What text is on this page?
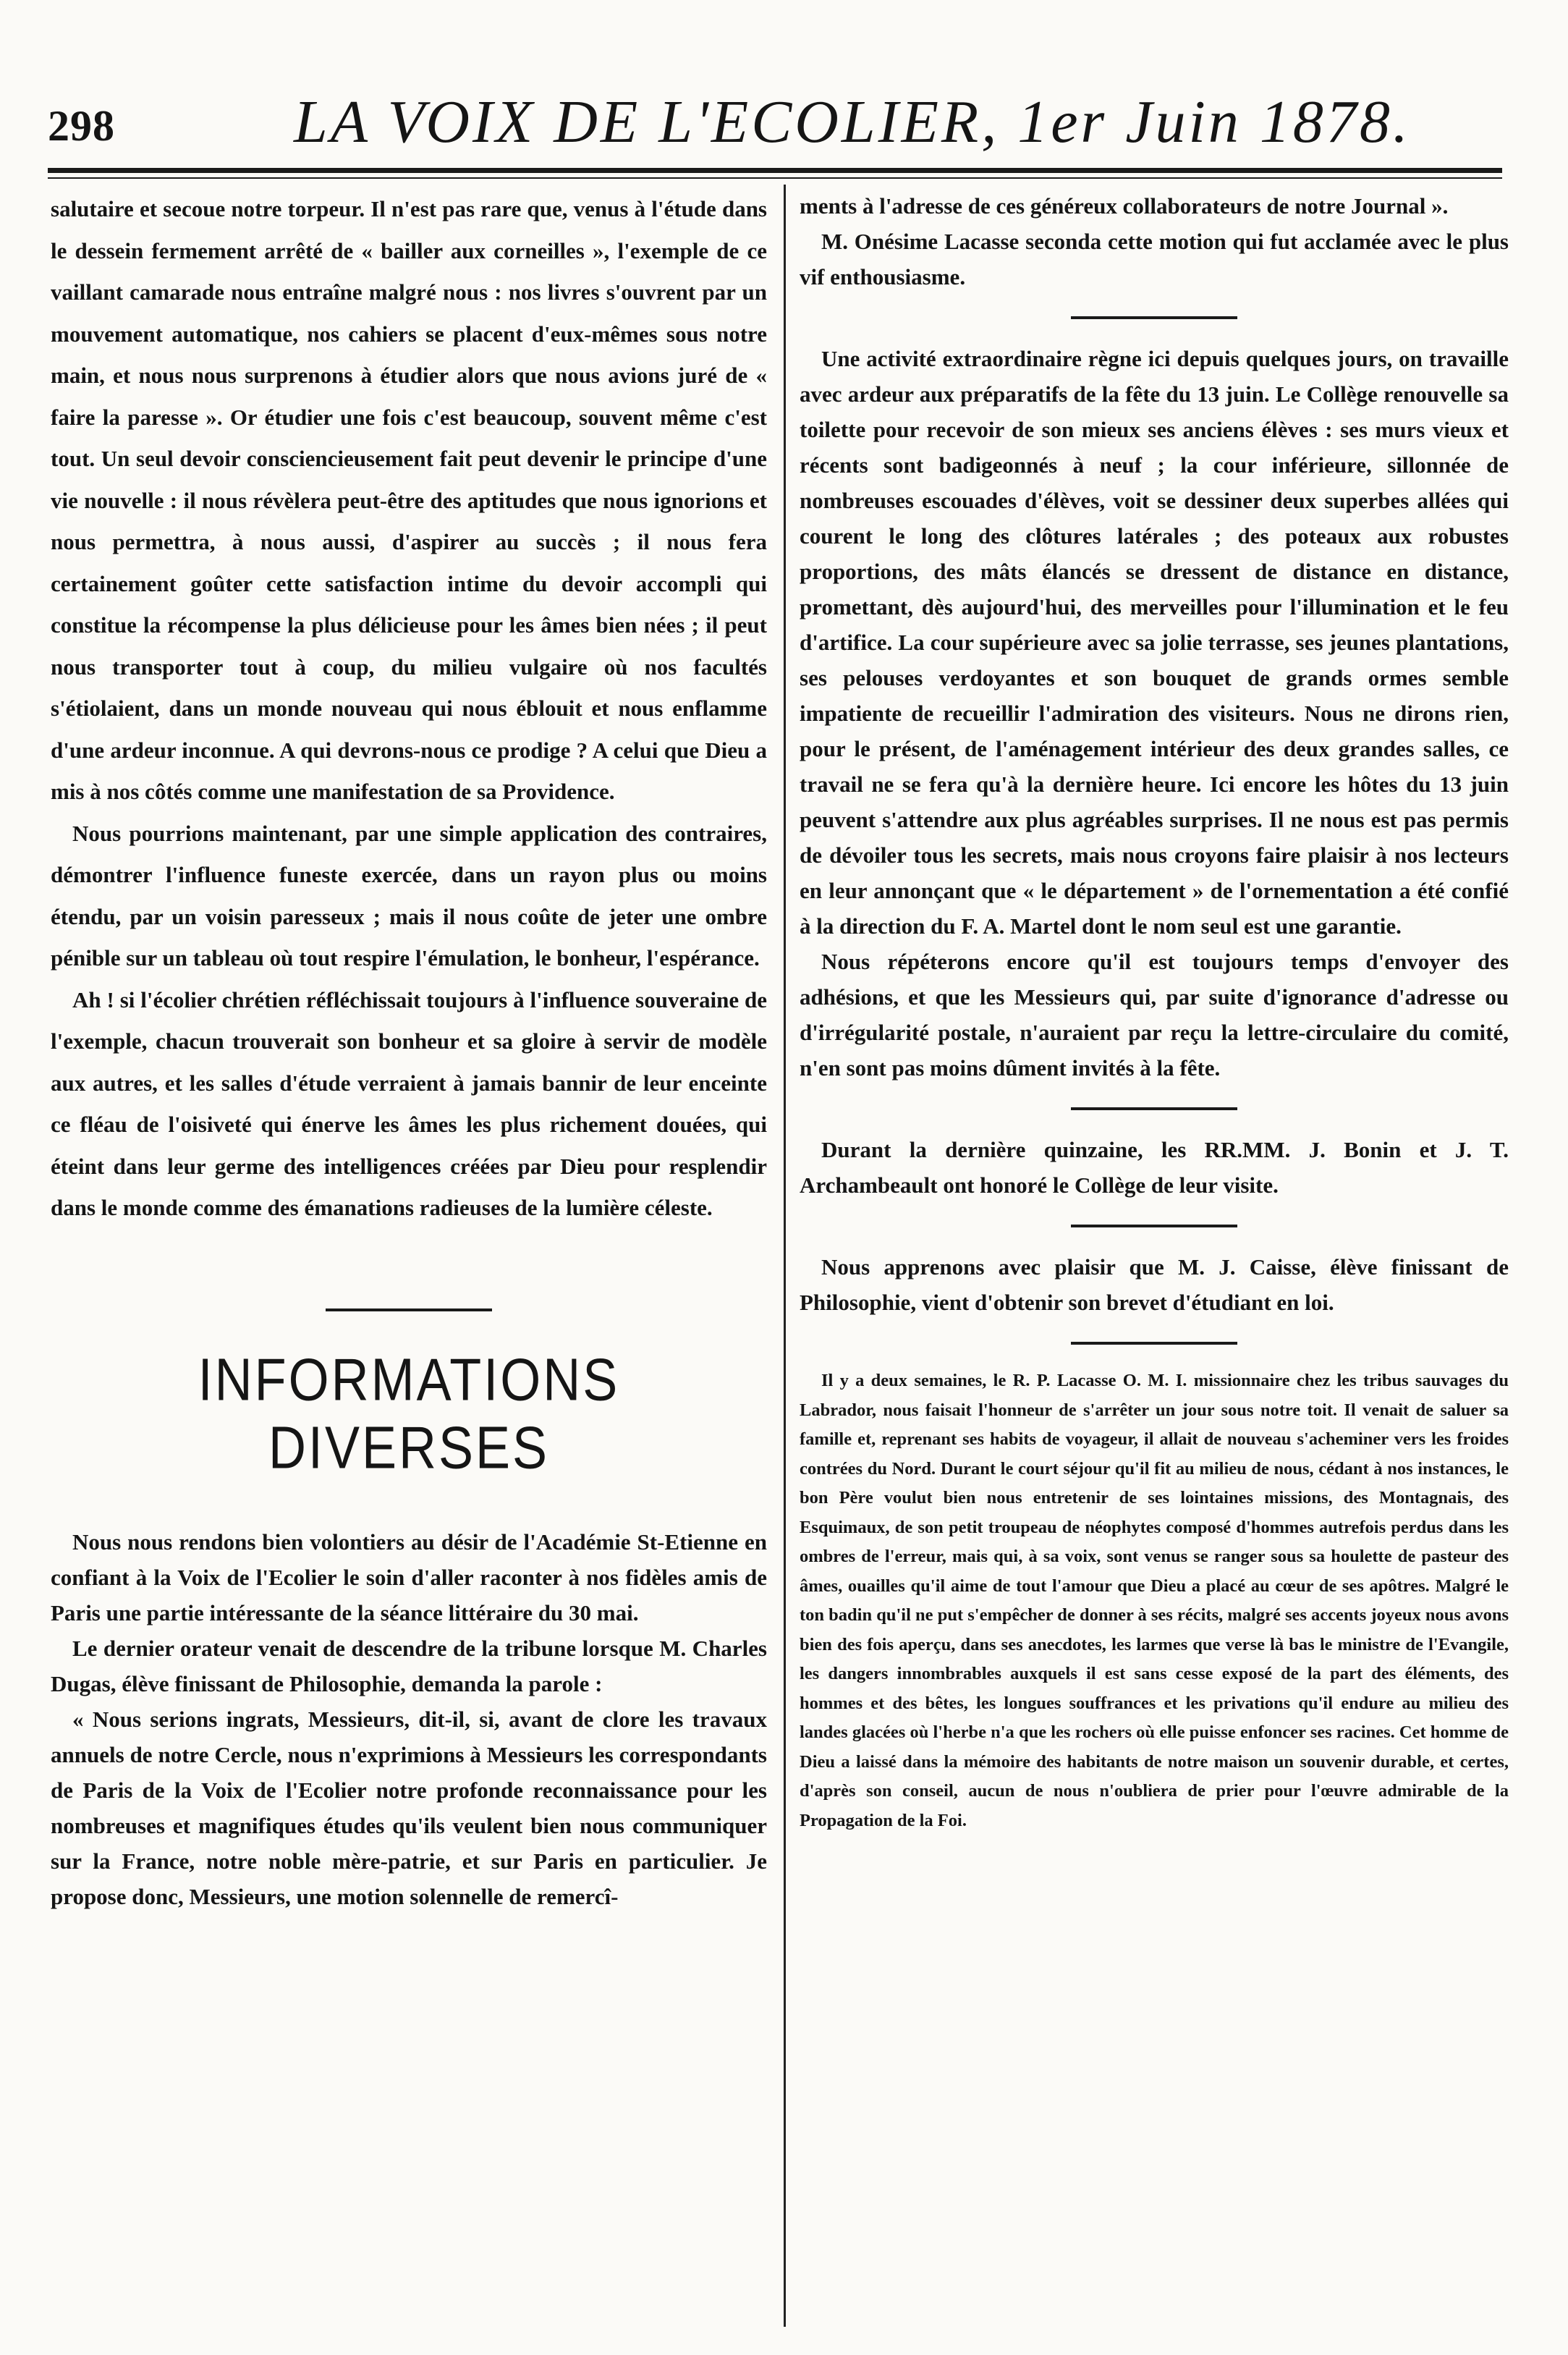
298	LA VOIX DE L'ECOLIER, 1er Juin 1878.

salutaire et secoue notre torpeur. Il n'est pas rare que, venus à l'étude dans le dessein fermement arrêté de « bailler aux corneilles », l'exemple de ce vaillant camarade nous entraîne malgré nous : nos livres s'ouvrent par un mouvement automatique, nos cahiers se placent d'eux-mêmes sous notre main, et nous nous surprenons à étudier alors que nous avions juré de « faire la paresse ». Or étudier une fois c'est beaucoup, souvent même c'est tout. Un seul devoir consciencieusement fait peut devenir le principe d'une vie nouvelle : il nous révèlera peut-être des aptitudes que nous ignorions et nous permettra, à nous aussi, d'aspirer au succès ; il nous fera certainement goûter cette satisfaction intime du devoir accompli qui constitue la récompense la plus délicieuse pour les âmes bien nées ; il peut nous transporter tout à coup, du milieu vulgaire où nos facultés s'étiolaient, dans un monde nouveau qui nous éblouit et nous enflamme d'une ardeur inconnue. A qui devrons-nous ce prodige ? A celui que Dieu a mis à nos côtés comme une manifestation de sa Providence.

Nous pourrions maintenant, par une simple application des contraires, démontrer l'influence funeste exercée, dans un rayon plus ou moins étendu, par un voisin paresseux ; mais il nous coûte de jeter une ombre pénible sur un tableau où tout respire l'émulation, le bonheur, l'espérance.

Ah ! si l'écolier chrétien réfléchissait toujours à l'influence souveraine de l'exemple, chacun trouverait son bonheur et sa gloire à servir de modèle aux autres, et les salles d'étude verraient à jamais bannir de leur enceinte ce fléau de l'oisiveté qui énerve les âmes les plus richement douées, qui éteint dans leur germe des intelligences créées par Dieu pour resplendir dans le monde comme des émanations radieuses de la lumière céleste.

INFORMATIONS DIVERSES

Nous nous rendons bien volontiers au désir de l'Académie St-Etienne en confiant à la Voix de l'Ecolier le soin d'aller raconter à nos fidèles amis de Paris une partie intéressante de la séance littéraire du 30 mai.

Le dernier orateur venait de descendre de la tribune lorsque M. Charles Dugas, élève finissant de Philosophie, demanda la parole :

« Nous serions ingrats, Messieurs, dit-il, si, avant de clore les travaux annuels de notre Cercle, nous n'exprimions à Messieurs les correspondants de Paris de la Voix de l'Ecolier notre profonde reconnaissance pour les nombreuses et magnifiques études qu'ils veulent bien nous communiquer sur la France, notre noble mère-patrie, et sur Paris en particulier. Je propose donc, Messieurs, une motion solennelle de remercî-

ments à l'adresse de ces généreux collaborateurs de notre Journal ».

M. Onésime Lacasse seconda cette motion qui fut acclamée avec le plus vif enthousiasme.

Une activité extraordinaire règne ici depuis quelques jours, on travaille avec ardeur aux préparatifs de la fête du 13 juin. Le Collège renouvelle sa toilette pour recevoir de son mieux ses anciens élèves : ses murs vieux et récents sont badigeonnés à neuf ; la cour inférieure, sillonnée de nombreuses escouades d'élèves, voit se dessiner deux superbes allées qui courent le long des clôtures latérales ; des poteaux aux robustes proportions, des mâts élancés se dressent de distance en distance, promettant, dès aujourd'hui, des merveilles pour l'illumination et le feu d'artifice. La cour supérieure avec sa jolie terrasse, ses jeunes plantations, ses pelouses verdoyantes et son bouquet de grands ormes semble impatiente de recueillir l'admiration des visiteurs. Nous ne dirons rien, pour le présent, de l'aménagement intérieur des deux grandes salles, ce travail ne se fera qu'à la dernière heure. Ici encore les hôtes du 13 juin peuvent s'attendre aux plus agréables surprises. Il ne nous est pas permis de dévoiler tous les secrets, mais nous croyons faire plaisir à nos lecteurs en leur annonçant que « le département » de l'ornementation a été confié à la direction du F. A. Martel dont le nom seul est une garantie.

Nous répéterons encore qu'il est toujours temps d'envoyer des adhésions, et que les Messieurs qui, par suite d'ignorance d'adresse ou d'irrégularité postale, n'auraient par reçu la lettre-circulaire du comité, n'en sont pas moins dûment invités à la fête.

Durant la dernière quinzaine, les RR.MM. J. Bonin et J. T. Archambeault ont honoré le Collège de leur visite.

Nous apprenons avec plaisir que M. J. Caisse, élève finissant de Philosophie, vient d'obtenir son brevet d'étudiant en loi.

Il y a deux semaines, le R. P. Lacasse O. M. I. missionnaire chez les tribus sauvages du Labrador, nous faisait l'honneur de s'arrêter un jour sous notre toit. Il venait de saluer sa famille et, reprenant ses habits de voyageur, il allait de nouveau s'acheminer vers les froides contrées du Nord. Durant le court séjour qu'il fit au milieu de nous, cédant à nos instances, le bon Père voulut bien nous entretenir de ses lointaines missions, des Montagnais, des Esquimaux, de son petit troupeau de néophytes composé d'hommes autrefois perdus dans les ombres de l'erreur, mais qui, à sa voix, sont venus se ranger sous sa houlette de pasteur des âmes, ouailles qu'il aime de tout l'amour que Dieu a placé au cœur de ses apôtres. Malgré le ton badin qu'il ne put s'empêcher de donner à ses récits, malgré ses accents joyeux nous avons bien des fois aperçu, dans ses anecdotes, les larmes que verse là bas le ministre de l'Evangile, les dangers innombrables auxquels il est sans cesse exposé de la part des éléments, des hommes et des bêtes, les longues souffrances et les privations qu'il endure au milieu des landes glacées où l'herbe n'a que les rochers où elle puisse enfoncer ses racines. Cet homme de Dieu a laissé dans la mémoire des habitants de notre maison un souvenir durable, et certes, d'après son conseil, aucun de nous n'oubliera de prier pour l'œuvre admirable de la Propagation de la Foi.
